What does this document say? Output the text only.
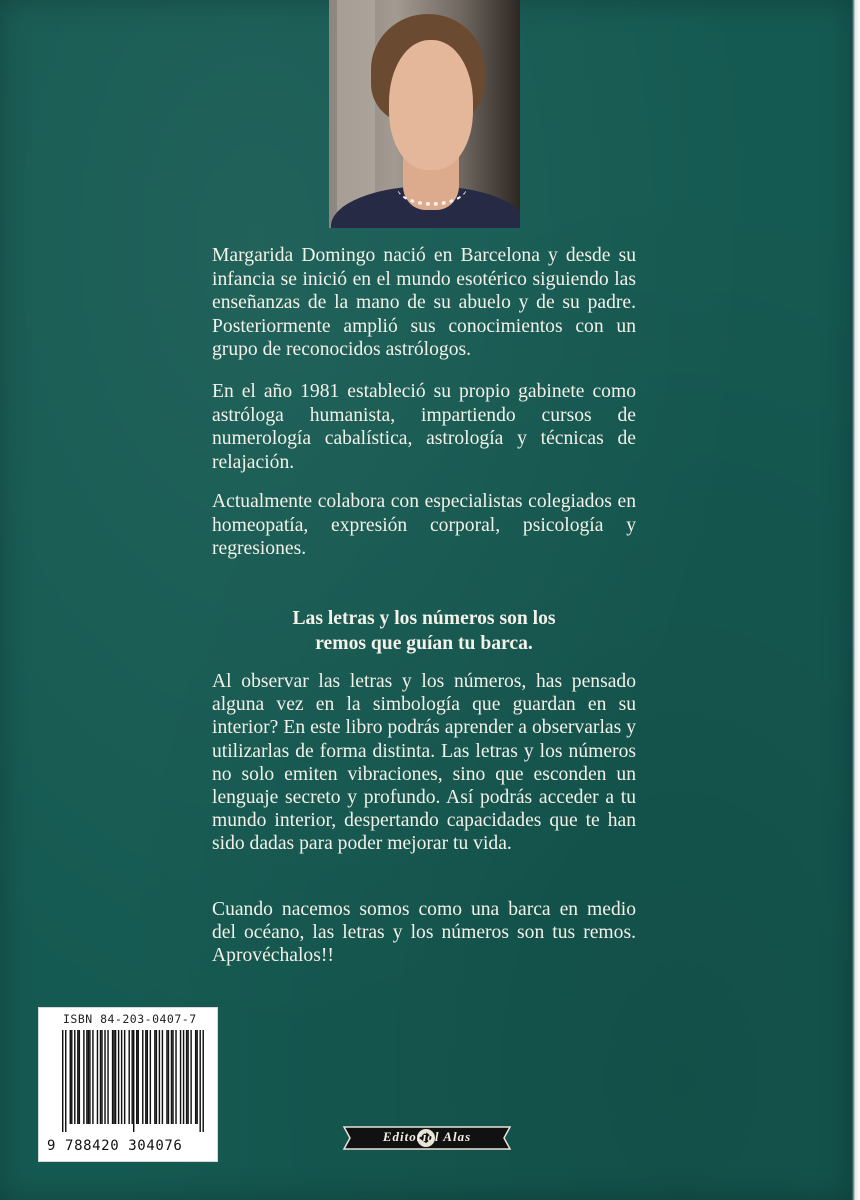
Margarida Domingo nació en Barcelona y desde su infancia se inició en el mundo esotérico siguiendo las enseñanzas de la mano de su abuelo y de su padre. Posteriormente amplió sus conocimientos con un grupo de reconocidos astrólogos.

En el año 1981 estableció su propio gabinete como astróloga humanista, impartiendo cursos de numerología cabalística, astrología y técnicas de relajación.

Actualmente colabora con especialistas colegiados en homeopatía, expresión corporal, psicología y regresiones.

Las letras y los números son los
remos que guían tu barca.

Al observar las letras y los números, has pensado alguna vez en la simbología que guardan en su interior? En este libro podrás aprender a observarlas y utilizarlas de forma distinta. Las letras y los números no solo emiten vibraciones, sino que esconden un lenguaje secreto y profundo. Así podrás acceder a tu mundo interior, despertando capacidades que te han sido dadas para poder mejorar tu vida.

Cuando nacemos somos como una barca en medio del océano, las letras y los números son tus remos. Aprovéchalos!!

ISBN 84-203-0407-7
9 788420 304076
Editorial Alas
